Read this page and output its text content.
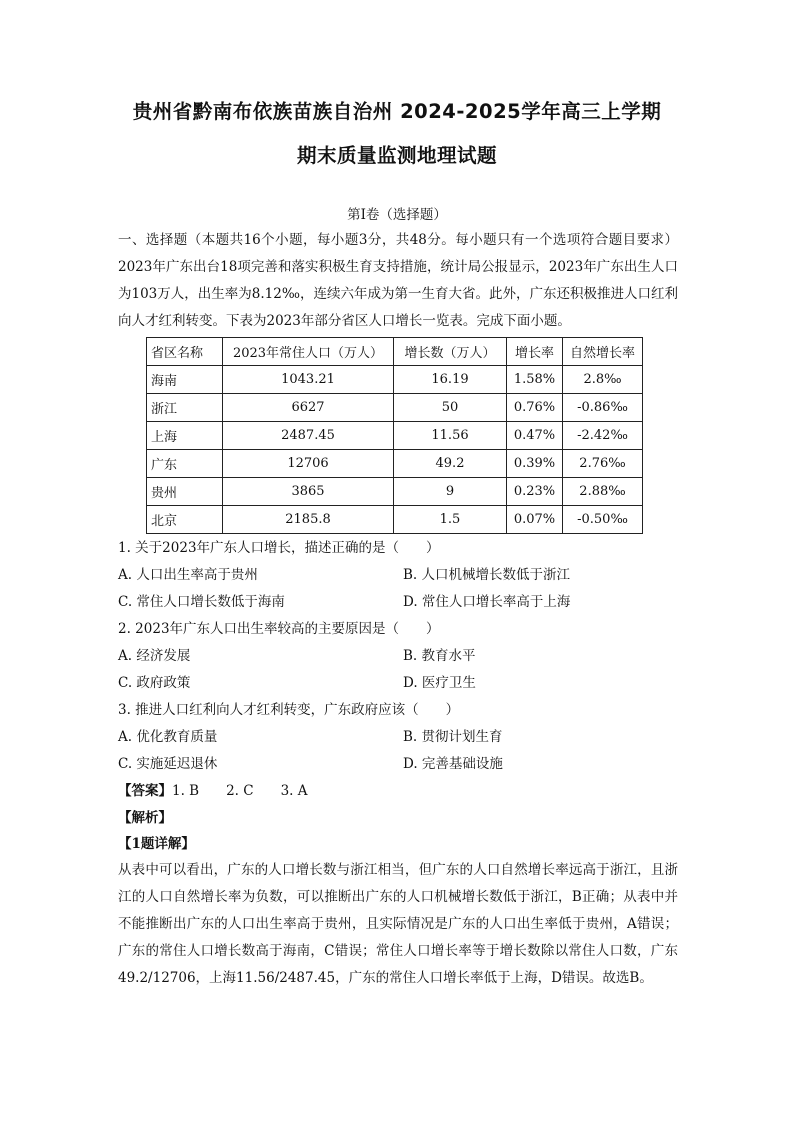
贵州省黔南布依族苗族自治州 2024-2025学年高三上学期
期末质量监测地理试题
第Ⅰ卷（选择题）
一、选择题（本题共16个小题，每小题3分，共48分。每小题只有一个选项符合题目要求）2023年广东出台18项完善和落实积极生育支持措施，统计局公报显示，2023年广东出生人口为103万人，出生率为8.12‰，连续六年成为第一生育大省。此外，广东还积极推进人口红利向人才红利转变。下表为2023年部分省区人口增长一览表。完成下面小题。
省区名称	2023年常住人口（万人）	增长数（万人）	增长率	自然增长率
海南	1043.21	16.19	1.58%	2.8‰
浙江	6627	50	0.76%	-0.86‰
上海	2487.45	11.56	0.47%	-2.42‰
广东	12706	49.2	0.39%	2.76‰
贵州	3865	9	0.23%	2.88‰
北京	2185.8	1.5	0.07%	-0.50‰
1. 关于2023年广东人口增长，描述正确的是（　　）
A. 人口出生率高于贵州	B. 人口机械增长数低于浙江
C. 常住人口增长数低于海南	D. 常住人口增长率高于上海
2. 2023年广东人口出生率较高的主要原因是（　　）
A. 经济发展	B. 教育水平
C. 政府政策	D. 医疗卫生
3. 推进人口红利向人才红利转变，广东政府应该（　　）
A. 优化教育质量	B. 贯彻计划生育
C. 实施延迟退休	D. 完善基础设施
【答案】1. B　　2. C　　3. A
【解析】
【1题详解】
从表中可以看出，广东的人口增长数与浙江相当，但广东的人口自然增长率远高于浙江，且浙江的人口自然增长率为负数，可以推断出广东的人口机械增长数低于浙江，B正确；从表中并不能推断出广东的人口出生率高于贵州，且实际情况是广东的人口出生率低于贵州，A错误；广东的常住人口增长数高于海南，C错误；常住人口增长率等于增长数除以常住人口数，广东49.2/12706，上海11.56/2487.45，广东的常住人口增长率低于上海，D错误。故选B。
